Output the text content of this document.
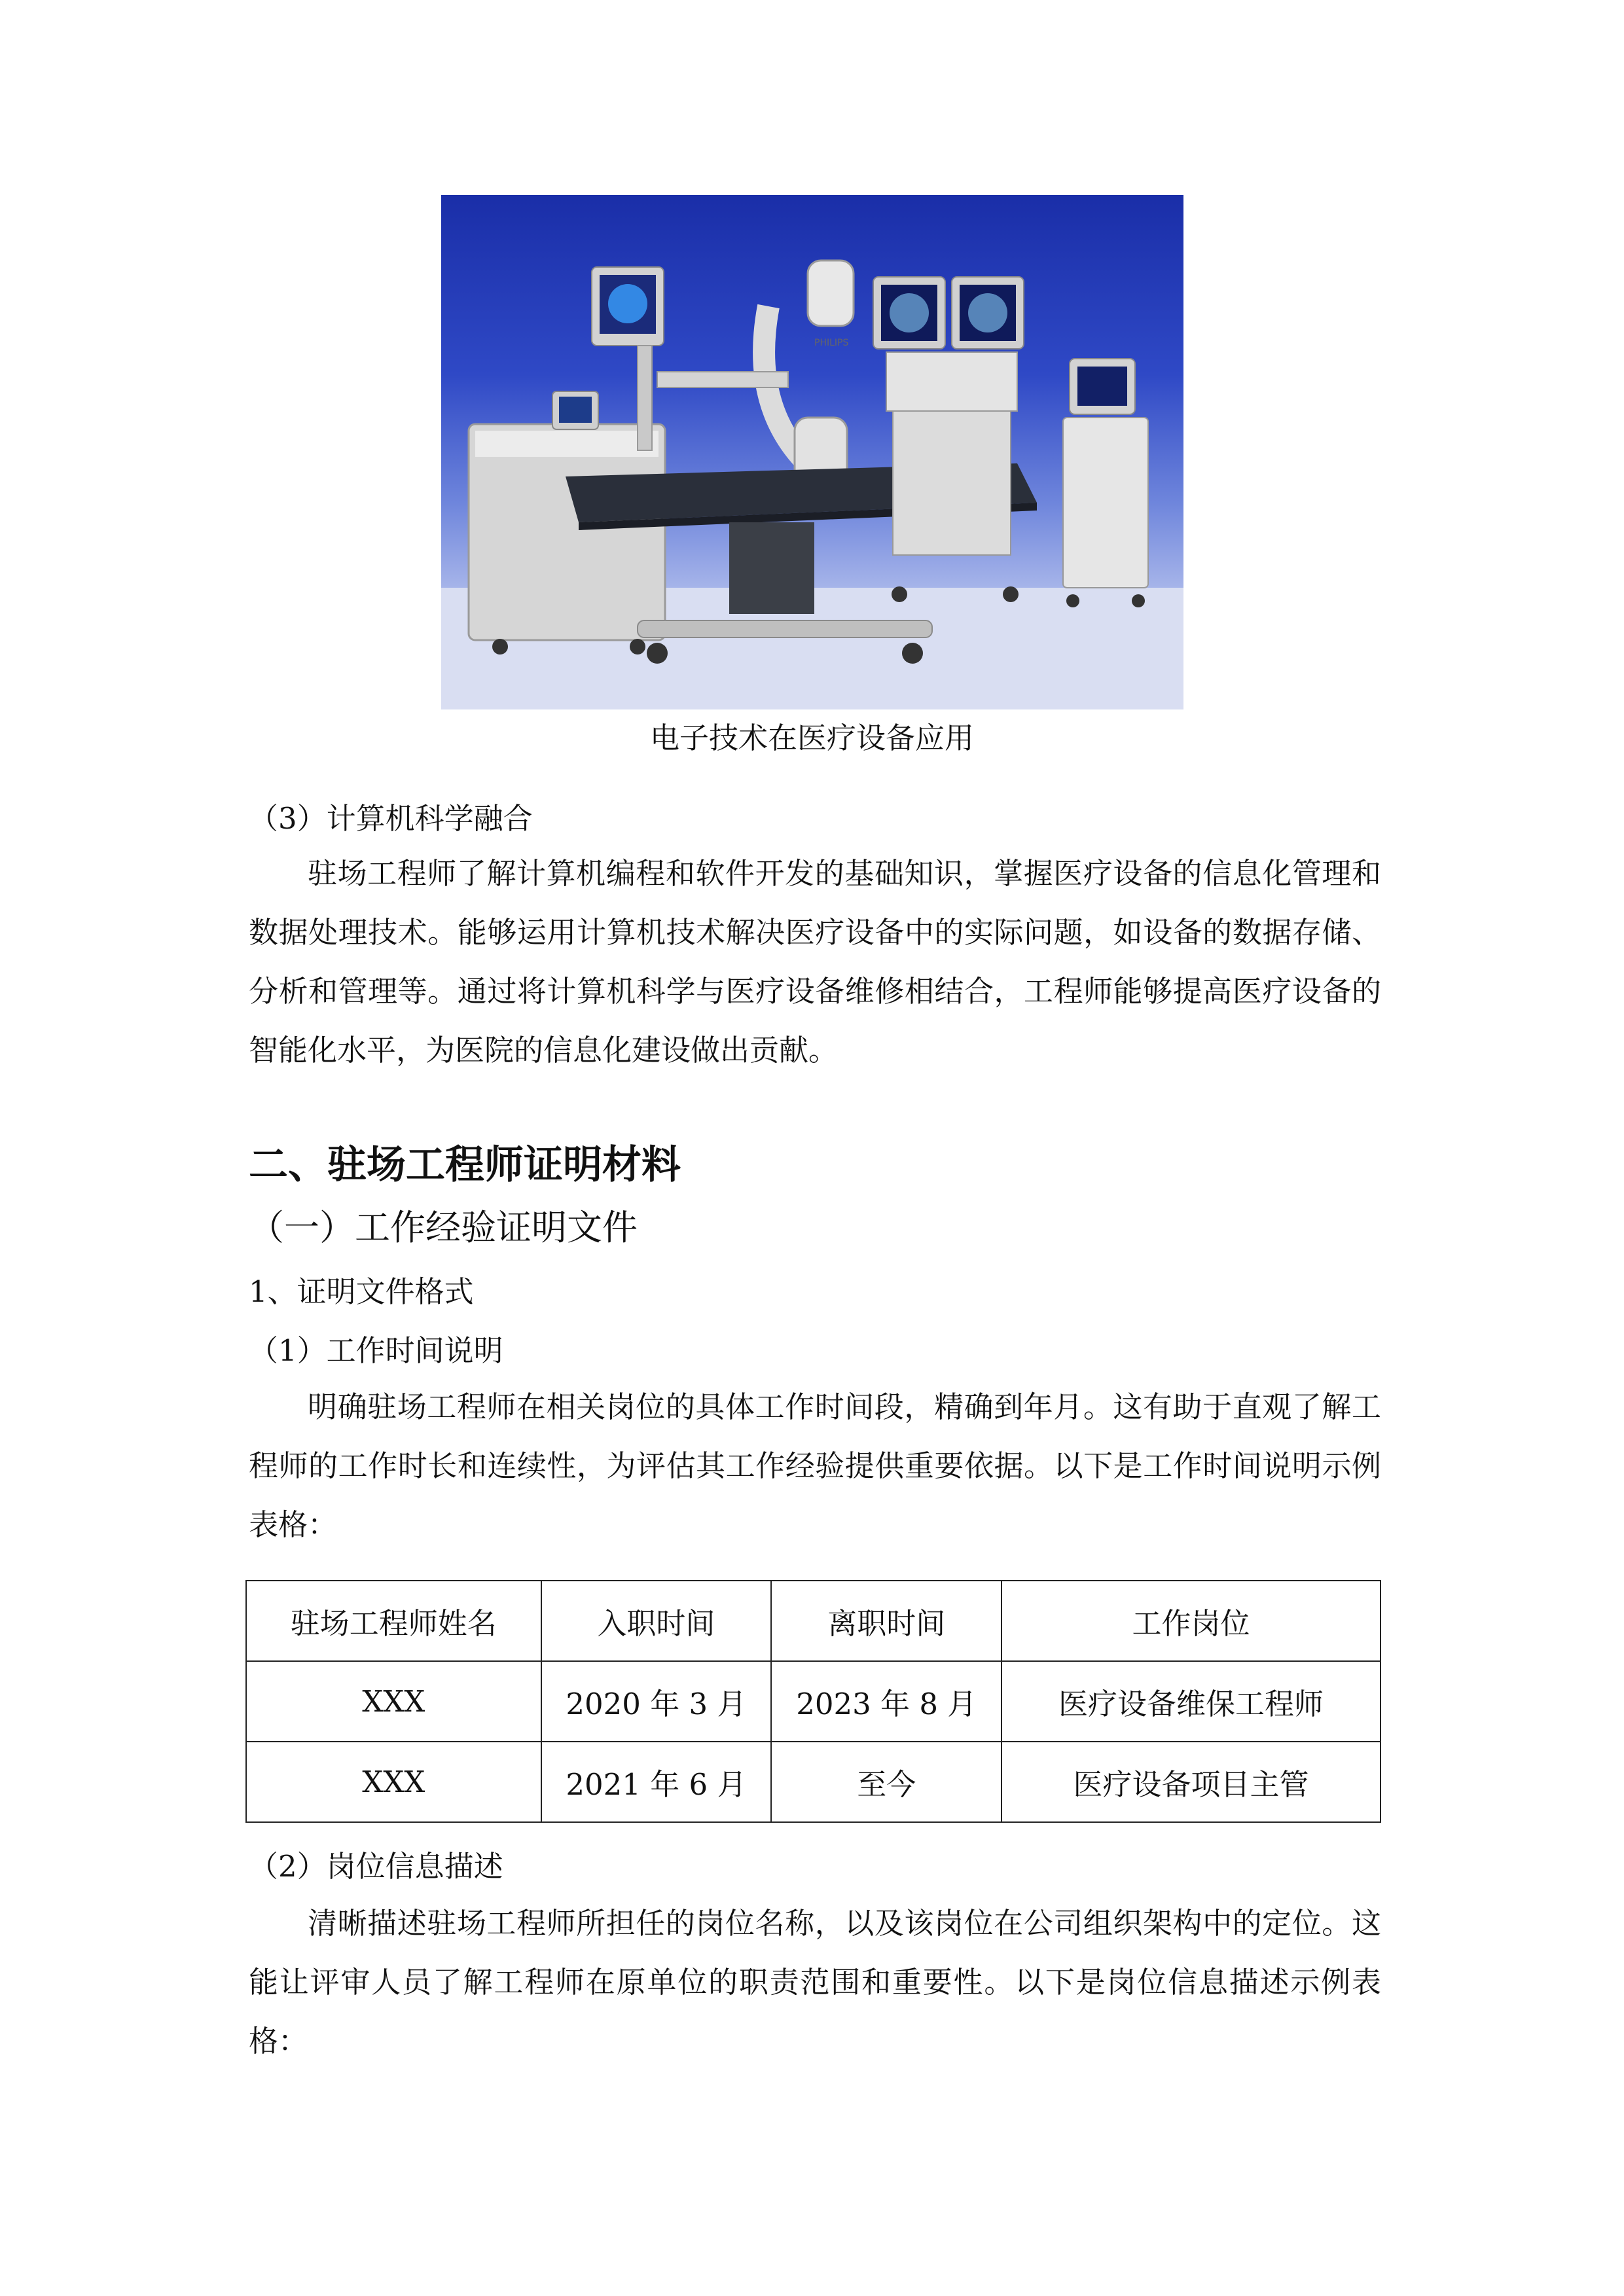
PHILIPS
电子技术在医疗设备应用
（3）计算机科学融合
驻场工程师了解计算机编程和软件开发的基础知识，掌握医疗设备的信息化管理和数据处理技术。能够运用计算机技术解决医疗设备中的实际问题，如设备的数据存储、分析和管理等。通过将计算机科学与医疗设备维修相结合，工程师能够提高医疗设备的智能化水平，为医院的信息化建设做出贡献。
二、驻场工程师证明材料
（一）工作经验证明文件
1、证明文件格式
（1）工作时间说明
明确驻场工程师在相关岗位的具体工作时间段，精确到年月。这有助于直观了解工程师的工作时长和连续性，为评估其工作经验提供重要依据。以下是工作时间说明示例表格：
驻场工程师姓名	入职时间	离职时间	工作岗位
XXX	2020 年 3 月	2023 年 8 月	医疗设备维保工程师
XXX	2021 年 6 月	至今	医疗设备项目主管
（2）岗位信息描述
清晰描述驻场工程师所担任的岗位名称，以及该岗位在公司组织架构中的定位。这能让评审人员了解工程师在原单位的职责范围和重要性。以下是岗位信息描述示例表格：
